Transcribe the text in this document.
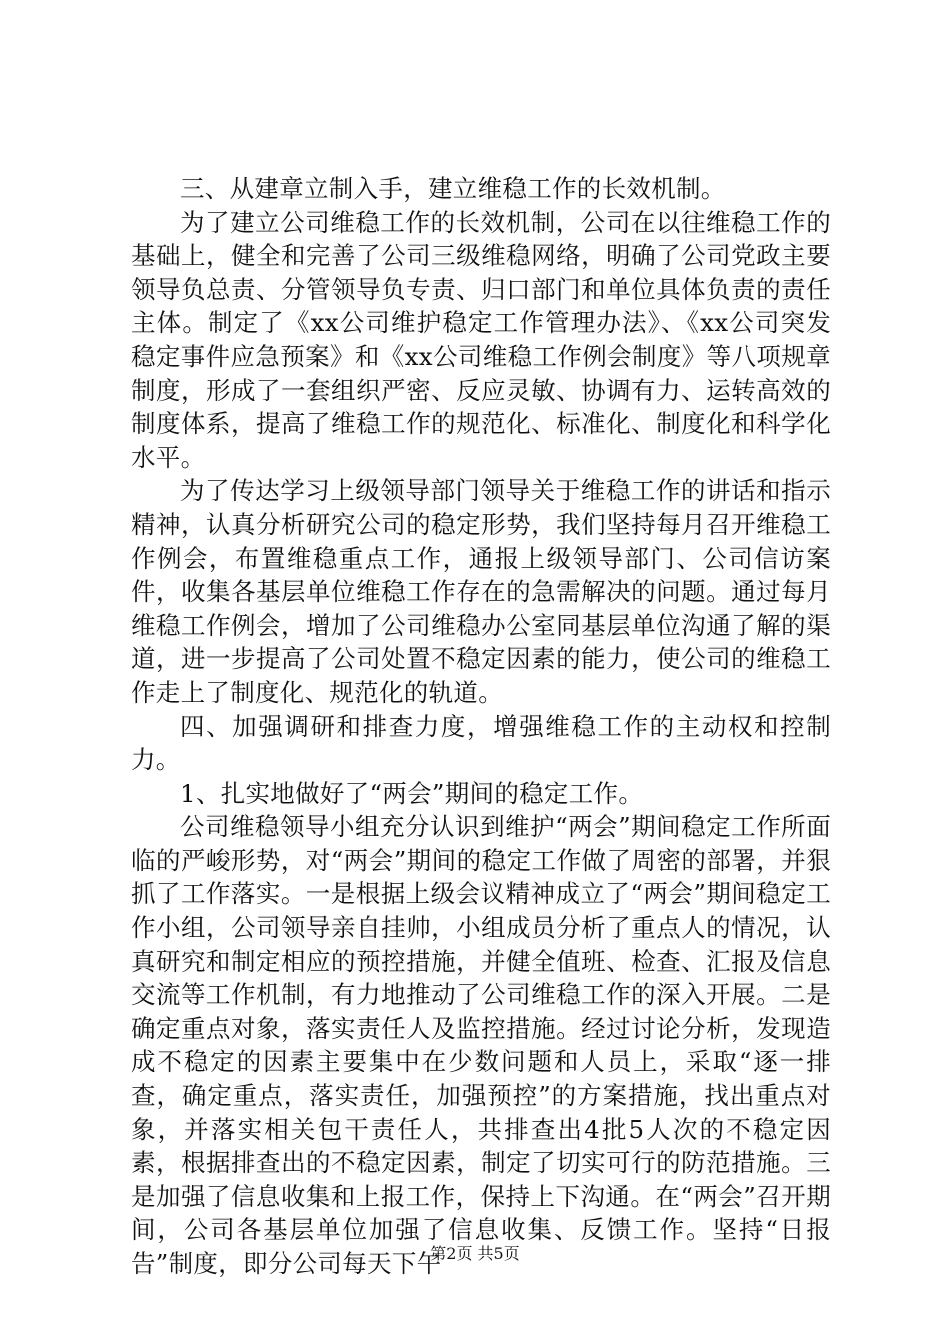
三、从建章立制入手，建立维稳工作的长效机制。

为了建立公司维稳工作的长效机制，公司在以往维稳工作的基础上，健全和完善了公司三级维稳网络，明确了公司党政主要领导负总责、分管领导负专责、归口部门和单位具体负责的责任主体。制定了《xx公司维护稳定工作管理办法》、《xx公司突发稳定事件应急预案》和《xx公司维稳工作例会制度》等八项规章制度，形成了一套组织严密、反应灵敏、协调有力、运转高效的制度体系，提高了维稳工作的规范化、标准化、制度化和科学化水平。

为了传达学习上级领导部门领导关于维稳工作的讲话和指示精神，认真分析研究公司的稳定形势，我们坚持每月召开维稳工作例会，布置维稳重点工作，通报上级领导部门、公司信访案件，收集各基层单位维稳工作存在的急需解决的问题。通过每月维稳工作例会，增加了公司维稳办公室同基层单位沟通了解的渠道，进一步提高了公司处置不稳定因素的能力，使公司的维稳工作走上了制度化、规范化的轨道。

四、加强调研和排查力度，增强维稳工作的主动权和控制力。

1、扎实地做好了“两会”期间的稳定工作。

公司维稳领导小组充分认识到维护“两会”期间稳定工作所面临的严峻形势，对“两会”期间的稳定工作做了周密的部署，并狠抓了工作落实。一是根据上级会议精神成立了“两会”期间稳定工作小组，公司领导亲自挂帅，小组成员分析了重点人的情况，认真研究和制定相应的预控措施，并健全值班、检查、汇报及信息交流等工作机制，有力地推动了公司维稳工作的深入开展。二是确定重点对象，落实责任人及监控措施。经过讨论分析，发现造成不稳定的因素主要集中在少数问题和人员上，采取“逐一排查，确定重点，落实责任，加强预控”的方案措施，找出重点对象，并落实相关包干责任人，共排查出4批5人次的不稳定因素，根据排查出的不稳定因素，制定了切实可行的防范措施。三是加强了信息收集和上报工作，保持上下沟通。在“两会”召开期间，公司各基层单位加强了信息收集、反馈工作。坚持“日报告”制度，即分公司每天下午

第2页 共5页
